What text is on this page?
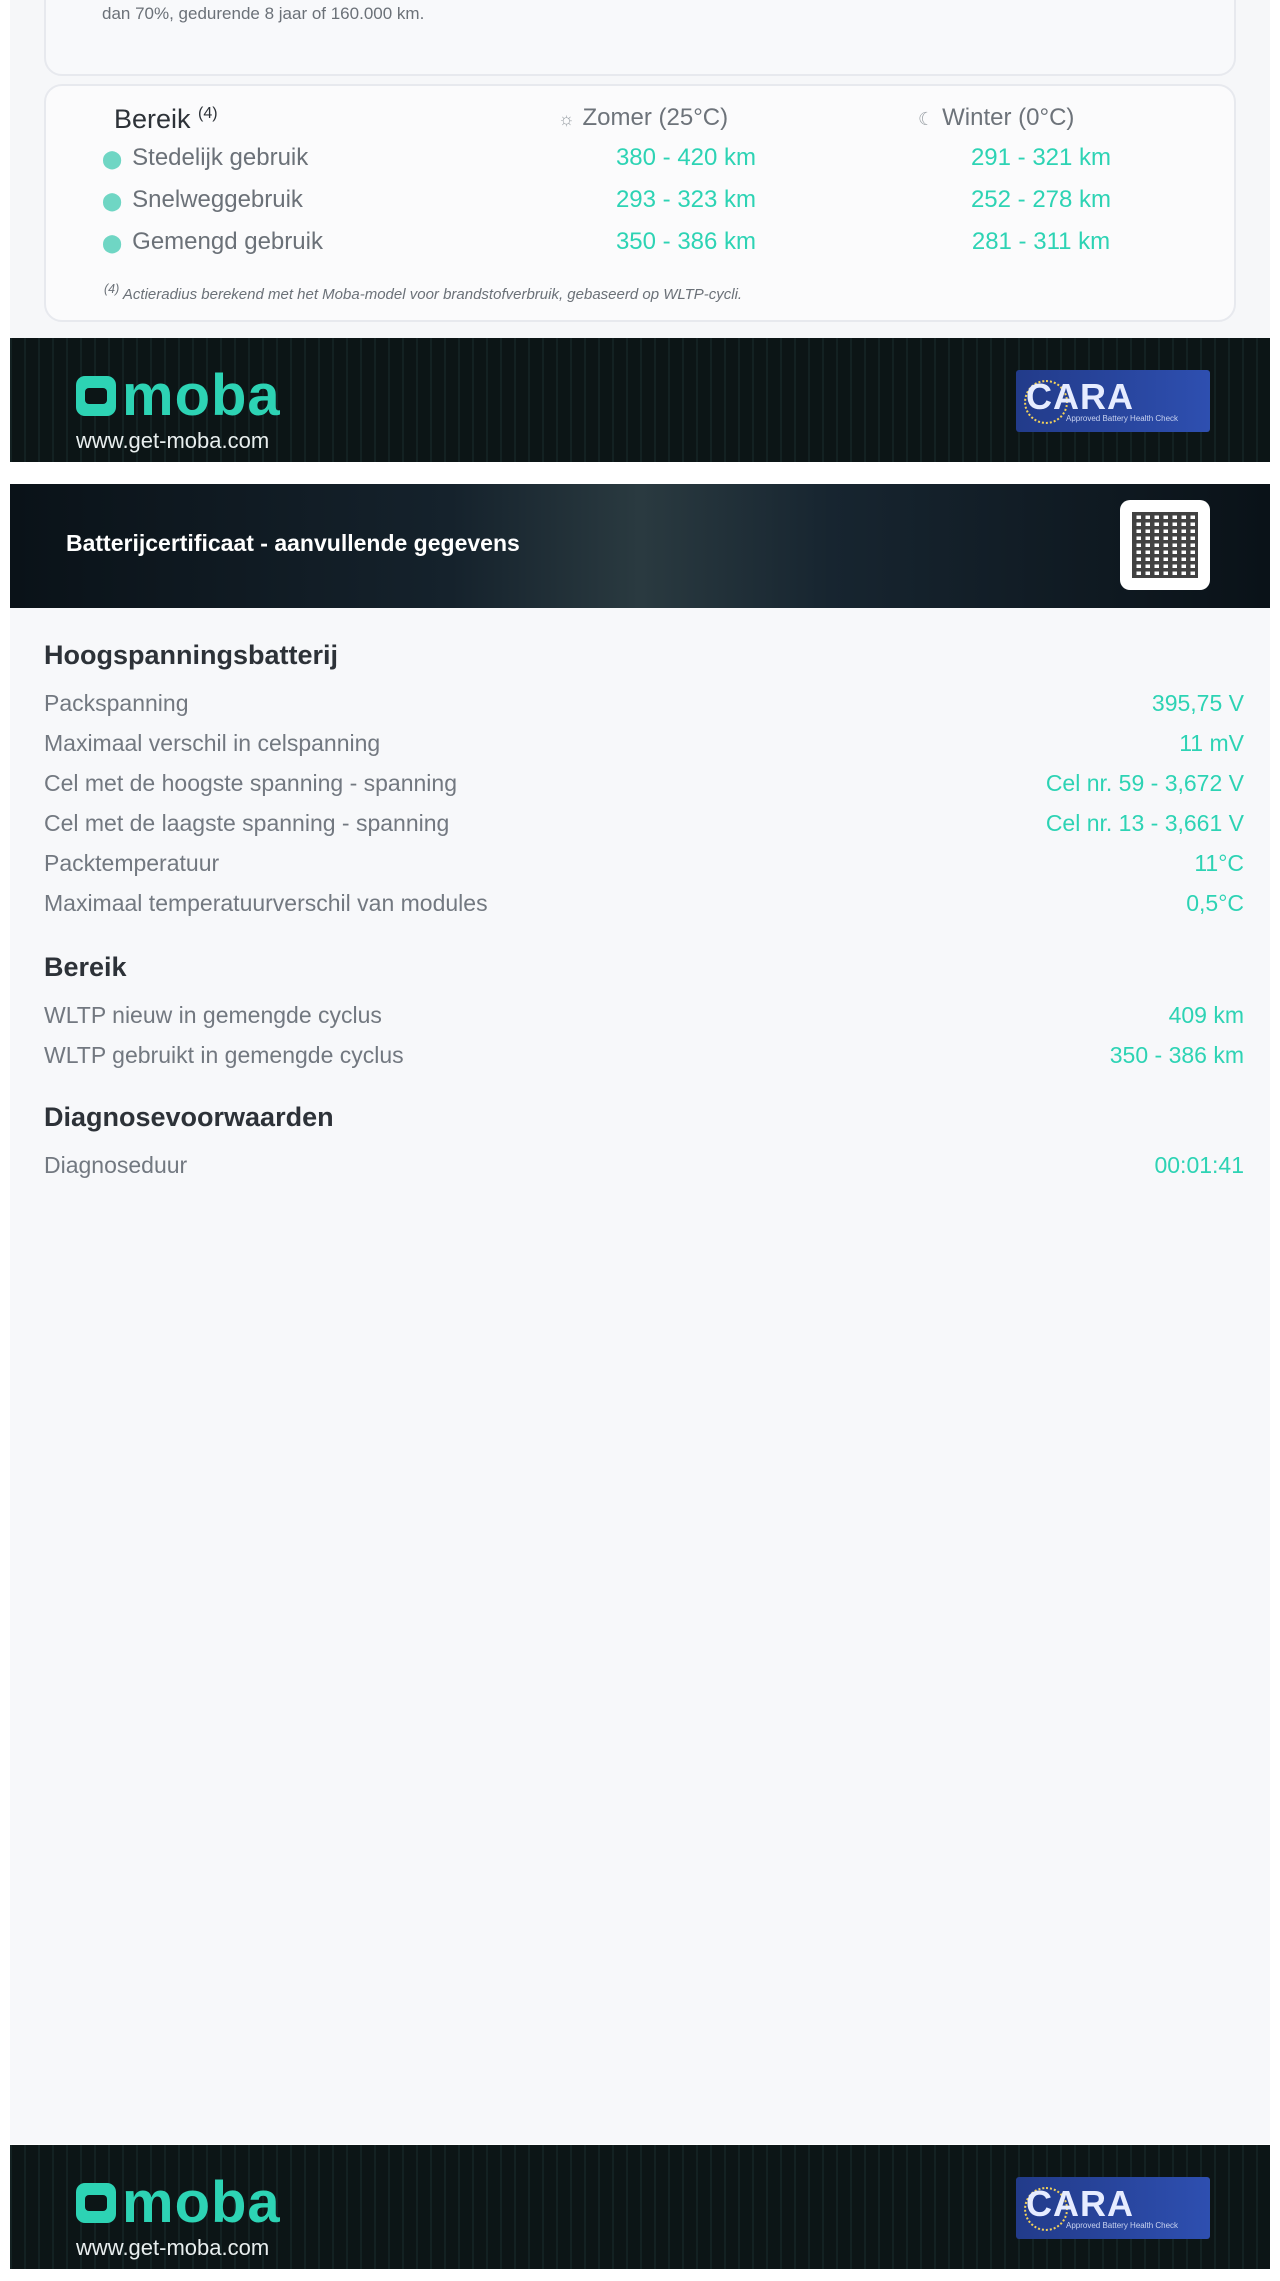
dan 70%, gedurende 8 jaar of 160.000 km.
Bereik $^{(4)}$	☼ Zomer (25°C)	☾ Winter (0°C)
⬤ Stedelijk gebruik	380 - 420 km	291 - 321 km
⬤ Snelweggebruik	293 - 323 km	252 - 278 km
⬤ Gemengd gebruik	350 - 386 km	281 - 311 km
$^{(4)}$ Actieradius berekend met het Moba-model voor brandstofverbruik, gebaseerd op WLTP-cycli.
moba
www.get-moba.com
CARA
Approved Battery Health Check
Batterijcertificaat - aanvullende gegevens
Hoogspanningsbatterij
Packspanning	395,75 V
Maximaal verschil in celspanning	11 mV
Cel met de hoogste spanning - spanning	Cel nr. 59 - 3,672 V
Cel met de laagste spanning - spanning	Cel nr. 13 - 3,661 V
Packtemperatuur	11°C
Maximaal temperatuurverschil van modules	0,5°C
Bereik
WLTP nieuw in gemengde cyclus	409 km
WLTP gebruikt in gemengde cyclus	350 - 386 km
Diagnosevoorwaarden
Diagnoseduur	00:01:41
moba
www.get-moba.com
CARA
Approved Battery Health Check
